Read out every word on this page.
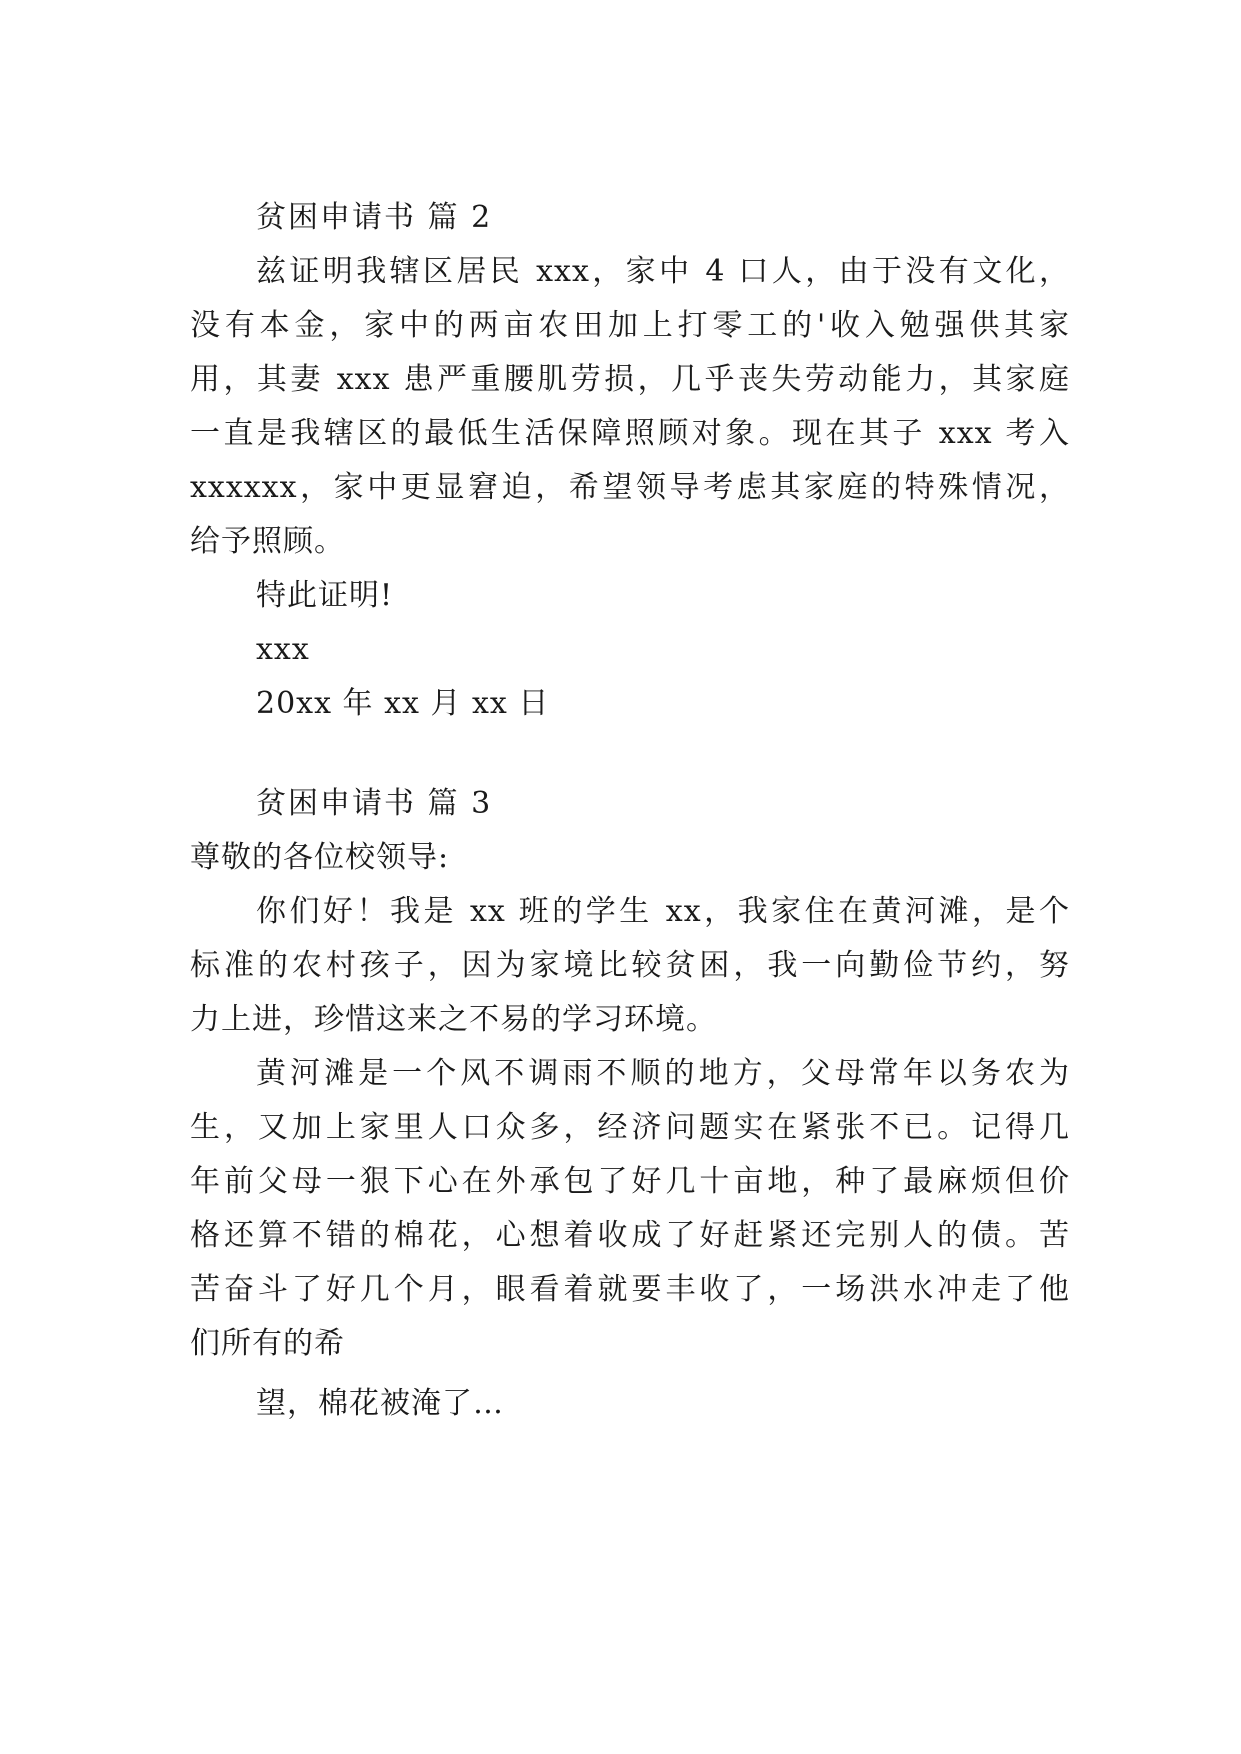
贫困申请书 篇 2
兹证明我辖区居民 xxx，家中 4 口人，由于没有文化，
没有本金，家中的两亩农田加上打零工的'收入勉强供其家
用，其妻 xxx 患严重腰肌劳损，几乎丧失劳动能力，其家庭
一直是我辖区的最低生活保障照顾对象。现在其子 xxx 考入
xxxxxx，家中更显窘迫，希望领导考虑其家庭的特殊情况，
给予照顾。
特此证明!
xxx
20xx 年 xx 月 xx 日
贫困申请书 篇 3
尊敬的各位校领导:
你们好！我是 xx 班的学生 xx，我家住在黄河滩，是个
标准的农村孩子，因为家境比较贫困，我一向勤俭节约，努
力上进，珍惜这来之不易的学习环境。
黄河滩是一个风不调雨不顺的地方，父母常年以务农为
生，又加上家里人口众多，经济问题实在紧张不已。记得几
年前父母一狠下心在外承包了好几十亩地，种了最麻烦但价
格还算不错的棉花，心想着收成了好赶紧还完别人的债。苦
苦奋斗了好几个月，眼看着就要丰收了，一场洪水冲走了他
们所有的希
望，棉花被淹了…
